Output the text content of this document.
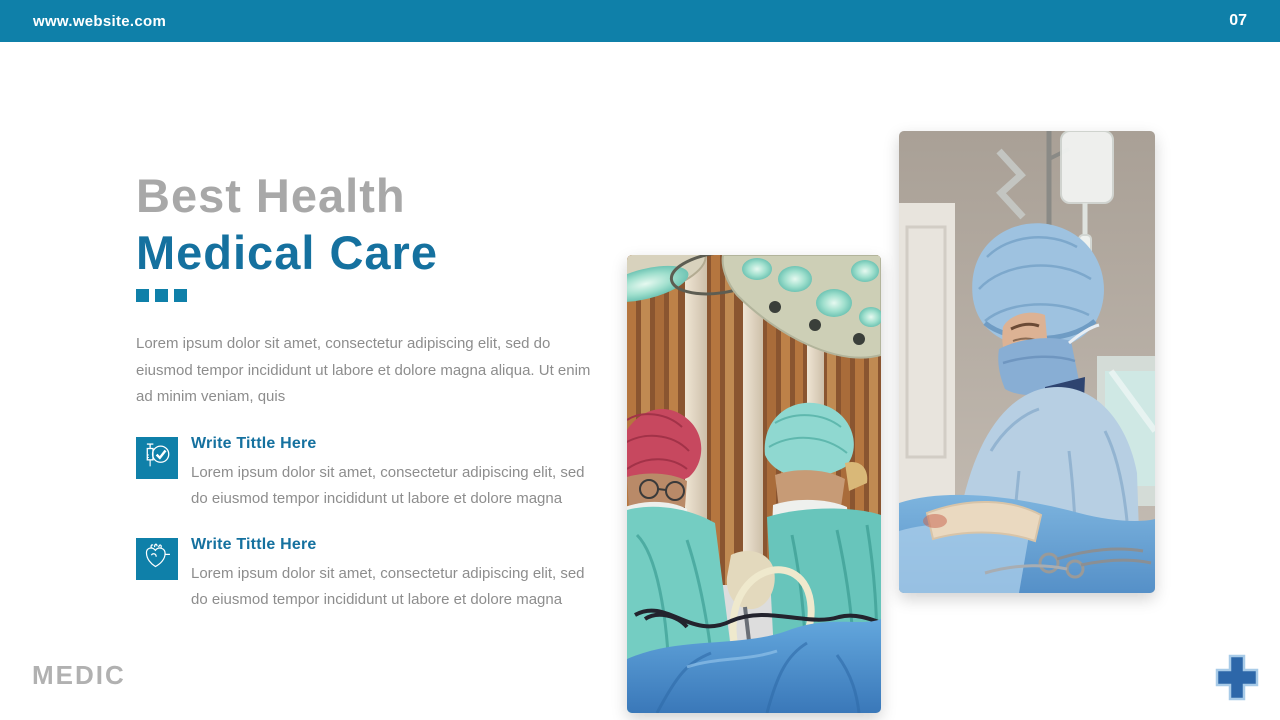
www.website.com	07
Best Health
Medical Care

Lorem ipsum dolor sit amet, consectetur adipiscing elit, sed do eiusmod tempor incididunt ut labore et dolore magna aliqua. Ut enim ad minim veniam, quis

Write Tittle Here
Lorem ipsum dolor sit amet, consectetur adipiscing elit, sed do eiusmod tempor incididunt ut labore et dolore magna
Write Tittle Here
Lorem ipsum dolor sit amet, consectetur adipiscing elit, sed do eiusmod tempor incididunt ut labore et dolore magna
MEDIC
